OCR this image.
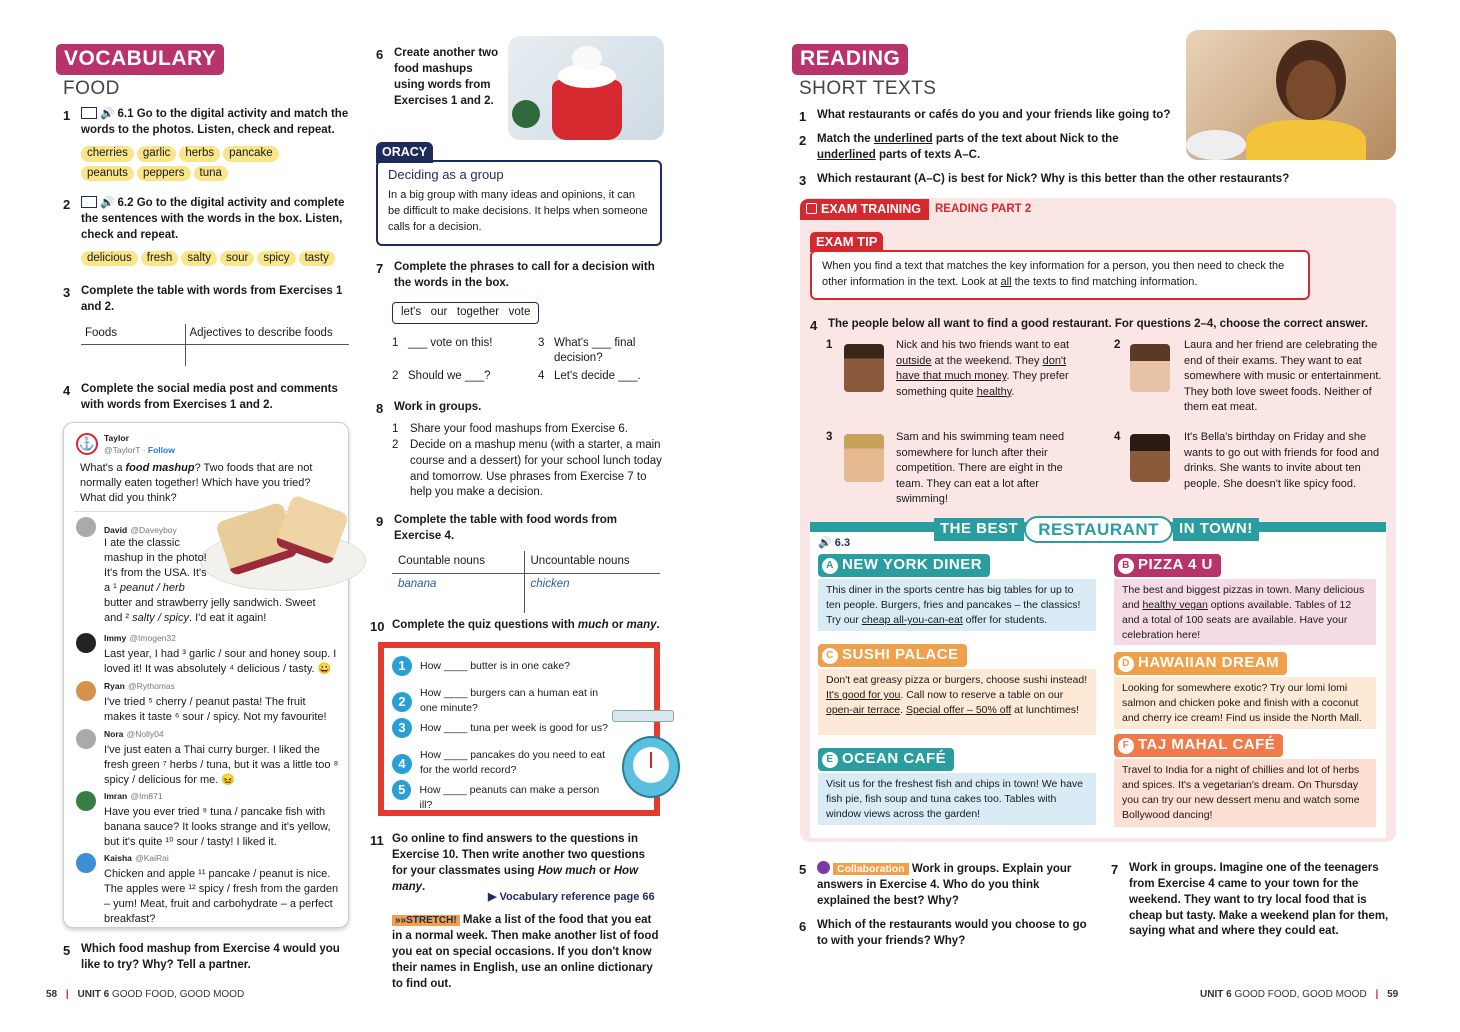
VOCABULARY
FOOD
1	🔊 6.1 Go to the digital activity and match the words to the photos. Listen, check and repeat.
cherries garlic herbs pancake
peanuts peppers tuna
2	🔊 6.2 Go to the digital activity and complete the sentences with the words in the box. Listen, check and repeat.
delicious fresh salty sour spicy tasty
3 Complete the table with words from Exercises 1 and 2.
Foods	Adjectives to describe foods

4 Complete the social media post and comments with words from Exercises 1 and 2.
⚓	Taylor
@TaylorT · Follow
What's a food mashup? Two foods that are not normally eaten together! Which have you tried? What did you think?
David @Daveyboy
I ate the classic mashup in the photo! It's from the USA. It's a ¹ peanut / herb
butter and strawberry jelly sandwich. Sweet and ² salty / spicy. I'd eat it again!
Immy @Imogen32
Last year, I had ³ garlic / sour and honey soup. I loved it! It was absolutely ⁴ delicious / tasty. 😀
Ryan @Rythomas
I've tried ⁵ cherry / peanut pasta! The fruit makes it taste ⁶ sour / spicy. Not my favourite!
Nora @Nolly04
I've just eaten a Thai curry burger. I liked the fresh green ⁷ herbs / tuna, but it was a little too ⁸ spicy / delicious for me. 😖
Imran @Im871
Have you ever tried ⁹ tuna / pancake fish with banana sauce? It looks strange and it's yellow, but it's quite ¹⁰ sour / tasty! I liked it.
Kaisha @KaiRai
Chicken and apple ¹¹ pancake / peanut is nice. The apples were ¹² spicy / fresh from the garden – yum! Meat, fruit and carbohydrate – a perfect breakfast?
5 Which food mashup from Exercise 4 would you like to try? Why? Tell a partner.
58 | UNIT 6 GOOD FOOD, GOOD MOOD
6 Create another two food mashups using words from Exercises 1 and 2.
ORACY
Deciding as a group
In a big group with many ideas and opinions, it can be difficult to make decisions. It helps when someone calls for a decision.
7 Complete the phrases to call for a decision with the words in the box.
let's   our   together   vote
1 ___ vote on this!	3 What's ___ final decision?
2 Should we ___?	4 Let's decide ___.
8 Work in groups.
1	Share your food mashups from Exercise 6.
2	Decide on a mashup menu (with a starter, a main course and a dessert) for your school lunch today and tomorrow. Use phrases from Exercise 7 to help you make a decision.
9 Complete the table with food words from Exercise 4.
Countable nouns	Uncountable nouns
banana	chicken
10 Complete the quiz questions with much or many.
1	How ____ butter is in one cake?
2
How ____ burgers can a human eat in one minute?
3	How ____ tuna per week is good for us?
4
How ____ pancakes do you need to eat for the world record?
5	How ____ peanuts can make a person ill?
11 Go online to find answers to the questions in Exercise 10. Then write another two questions for your classmates using How much or How many.
▶ Vocabulary reference page 66
»»STRETCH! Make a list of the food that you eat in a normal week. Then make another list of food you eat on special occasions. If you don't know their names in English, use an online dictionary to find out.
READING
SHORT TEXTS
1 What restaurants or cafés do you and your friends like going to?
2 Match the underlined parts of the text about Nick to the underlined parts of texts A–C.
3 Which restaurant (A–C) is best for Nick? Why is this better than the other restaurants?
EXAM TRAINING	READING PART 2
EXAM TIP
When you find a text that matches the key information for a person, you then need to check the other information in the text. Look at all the texts to find matching information.
4 The people below all want to find a good restaurant. For questions 2–4, choose the correct answer.
1	Nick and his two friends want to eat outside at the weekend. They don't have that much money. They prefer something quite healthy.
2	Laura and her friend are celebrating the end of their exams. They want to eat somewhere with music or entertainment. They both love sweet foods. Neither of them eat meat.
3	Sam and his swimming team need somewhere for lunch after their competition. There are eight in the team. They can eat a lot after swimming!
4	It's Bella's birthday on Friday and she wants to go out with friends for food and drinks. She wants to invite about ten people. She doesn't like spicy food.
THE BEST	RESTAURANT	IN TOWN!
🔊 6.3
A NEW YORK DINER
This diner in the sports centre has big tables for up to ten people. Burgers, fries and pancakes – the classics! Try our cheap all-you-can-eat offer for students.
B PIZZA 4 U
The best and biggest pizzas in town. Many delicious and healthy vegan options available. Tables of 12 and a total of 100 seats are available. Have your celebration here!
C SUSHI PALACE
Don't eat greasy pizza or burgers, choose sushi instead! It's good for you. Call now to reserve a table on our open-air terrace. Special offer – 50% off at lunchtimes!
D HAWAIIAN DREAM
Looking for somewhere exotic? Try our lomi lomi salmon and chicken poke and finish with a coconut and cherry ice cream! Find us inside the North Mall.
E OCEAN CAFÉ
Visit us for the freshest fish and chips in town! We have fish pie, fish soup and tuna cakes too. Tables with window views across the garden!
F TAJ MAHAL CAFÉ
Travel to India for a night of chillies and lot of herbs and spices. It's a vegetarian's dream. On Thursday you can try our new dessert menu and watch some Bollywood dancing!
5	Collaboration Work in groups. Explain your answers in Exercise 4. Who do you think explained the best? Why?
6 Which of the restaurants would you choose to go to with your friends? Why?
7 Work in groups. Imagine one of the teenagers from Exercise 4 came to your town for the weekend. They want to try local food that is cheap but tasty. Make a weekend plan for them, saying what and where they could eat.
UNIT 6 GOOD FOOD, GOOD MOOD | 59
